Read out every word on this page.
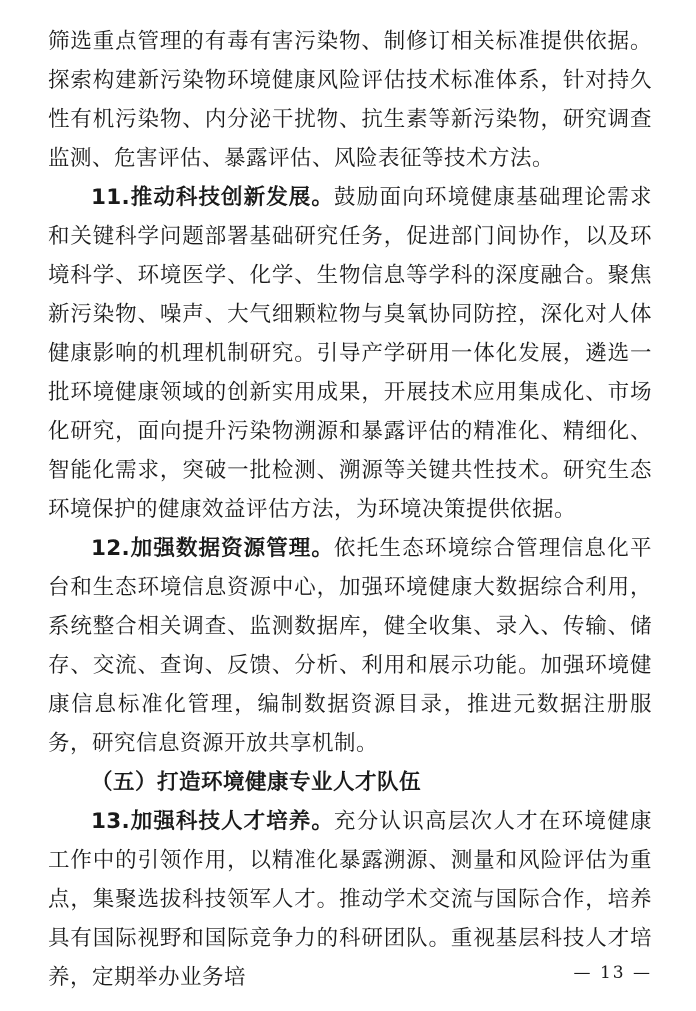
筛选重点管理的有毒有害污染物、制修订相关标准提供依据。探索构建新污染物环境健康风险评估技术标准体系，针对持久性有机污染物、内分泌干扰物、抗生素等新污染物，研究调查监测、危害评估、暴露评估、风险表征等技术方法。

11.推动科技创新发展。鼓励面向环境健康基础理论需求和关键科学问题部署基础研究任务，促进部门间协作，以及环境科学、环境医学、化学、生物信息等学科的深度融合。聚焦新污染物、噪声、大气细颗粒物与臭氧协同防控，深化对人体健康影响的机理机制研究。引导产学研用一体化发展，遴选一批环境健康领域的创新实用成果，开展技术应用集成化、市场化研究，面向提升污染物溯源和暴露评估的精准化、精细化、智能化需求，突破一批检测、溯源等关键共性技术。研究生态环境保护的健康效益评估方法，为环境决策提供依据。

12.加强数据资源管理。依托生态环境综合管理信息化平台和生态环境信息资源中心，加强环境健康大数据综合利用，系统整合相关调查、监测数据库，健全收集、录入、传输、储存、交流、查询、反馈、分析、利用和展示功能。加强环境健康信息标准化管理，编制数据资源目录，推进元数据注册服务，研究信息资源开放共享机制。

（五）打造环境健康专业人才队伍

13.加强科技人才培养。充分认识高层次人才在环境健康工作中的引领作用，以精准化暴露溯源、测量和风险评估为重点，集聚选拔科技领军人才。推动学术交流与国际合作，培养具有国际视野和国际竞争力的科研团队。重视基层科技人才培养，定期举办业务培	— 13 —
